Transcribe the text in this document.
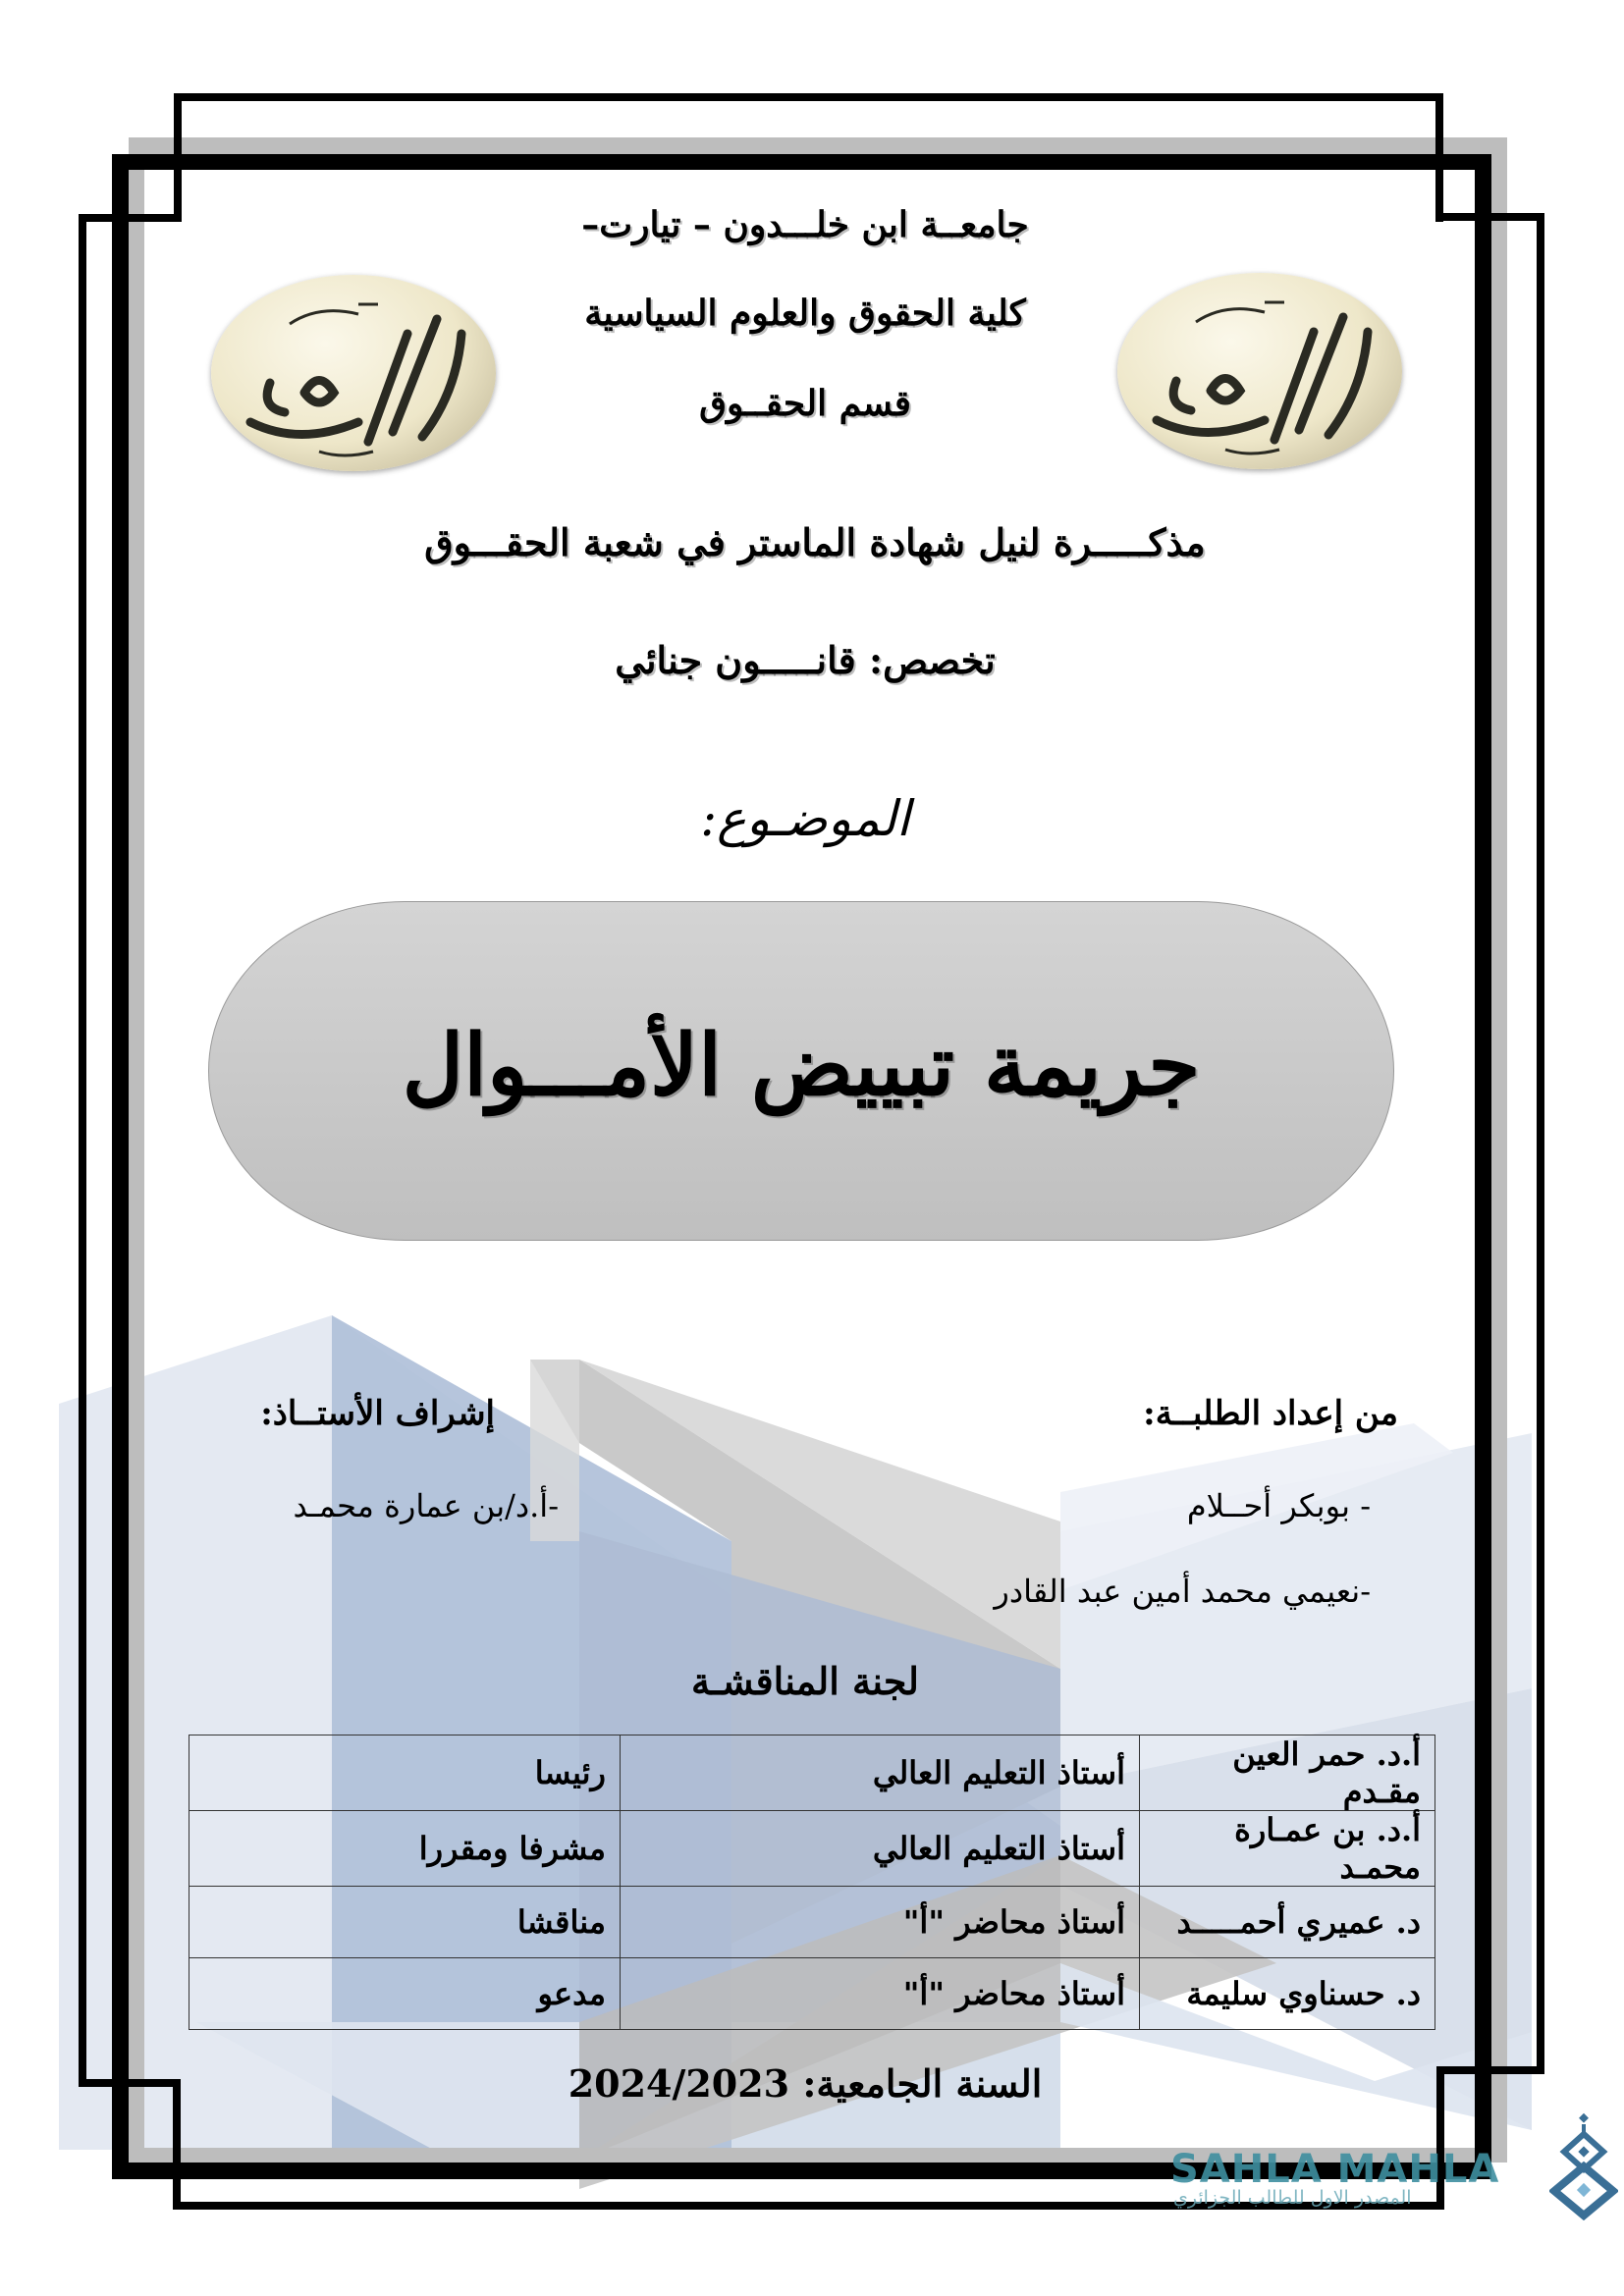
جامعــة ابن خلـــدون – تيارت–
كلية الحقوق والعلوم السياسية
قسم الحقــوق
مذكـــــرة لنيل شهادة الماستر في شعبة الحقـــوق
تخصص: قانـــــون جنائي
الموضـوع:
جريمة تبييض الأمـــوال
من إعداد الطلبــة:
- بوبكر أحــلام
-نعيمي محمد أمين عبد القادر
إشراف الأستــاذ:
-أ.د/بن عمارة محمـد
لجنة المناقشـة
أ.د. حمر العين مقـدم	أستاذ التعليم العالي	رئيسا
أ.د. بن عمـارة محمـد	أستاذ التعليم العالي	مشرفا ومقررا
د. عميري أحمـــــد	أستاذ محاضر "أ"	مناقشا
د. حسناوي سليمة	أستاذ محاضر "أ"	مدعو
السنة الجامعية: 2024/2023
SAHLA MAHLA
المصدر الاول للطالب الجزائري
